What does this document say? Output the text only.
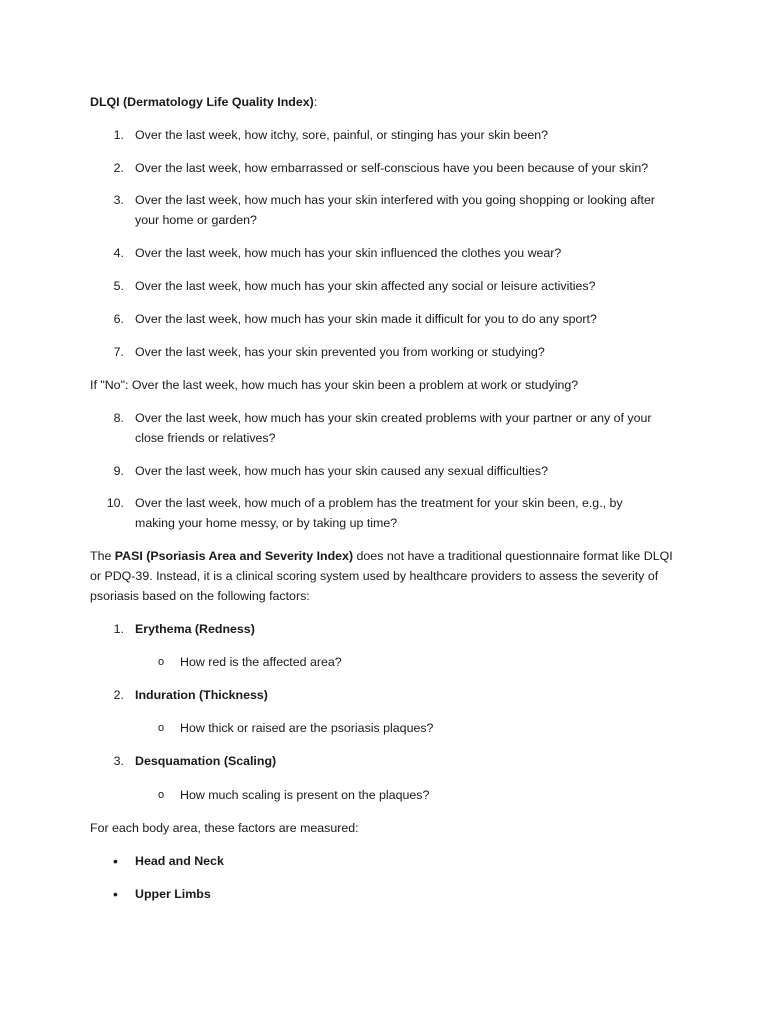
DLQI (Dermatology Life Quality Index):
1. Over the last week, how itchy, sore, painful, or stinging has your skin been?
2. Over the last week, how embarrassed or self-conscious have you been because of your skin?
3. Over the last week, how much has your skin interfered with you going shopping or looking after your home or garden?
4. Over the last week, how much has your skin influenced the clothes you wear?
5. Over the last week, how much has your skin affected any social or leisure activities?
6. Over the last week, how much has your skin made it difficult for you to do any sport?
7. Over the last week, has your skin prevented you from working or studying?
If "No": Over the last week, how much has your skin been a problem at work or studying?
8. Over the last week, how much has your skin created problems with your partner or any of your close friends or relatives?
9. Over the last week, how much has your skin caused any sexual difficulties?
10. Over the last week, how much of a problem has the treatment for your skin been, e.g., by making your home messy, or by taking up time?
The PASI (Psoriasis Area and Severity Index) does not have a traditional questionnaire format like DLQI or PDQ-39. Instead, it is a clinical scoring system used by healthcare providers to assess the severity of psoriasis based on the following factors:
1. Erythema (Redness)
o How red is the affected area?
2. Induration (Thickness)
o How thick or raised are the psoriasis plaques?
3. Desquamation (Scaling)
o How much scaling is present on the plaques?
For each body area, these factors are measured:
• Head and Neck
• Upper Limbs
